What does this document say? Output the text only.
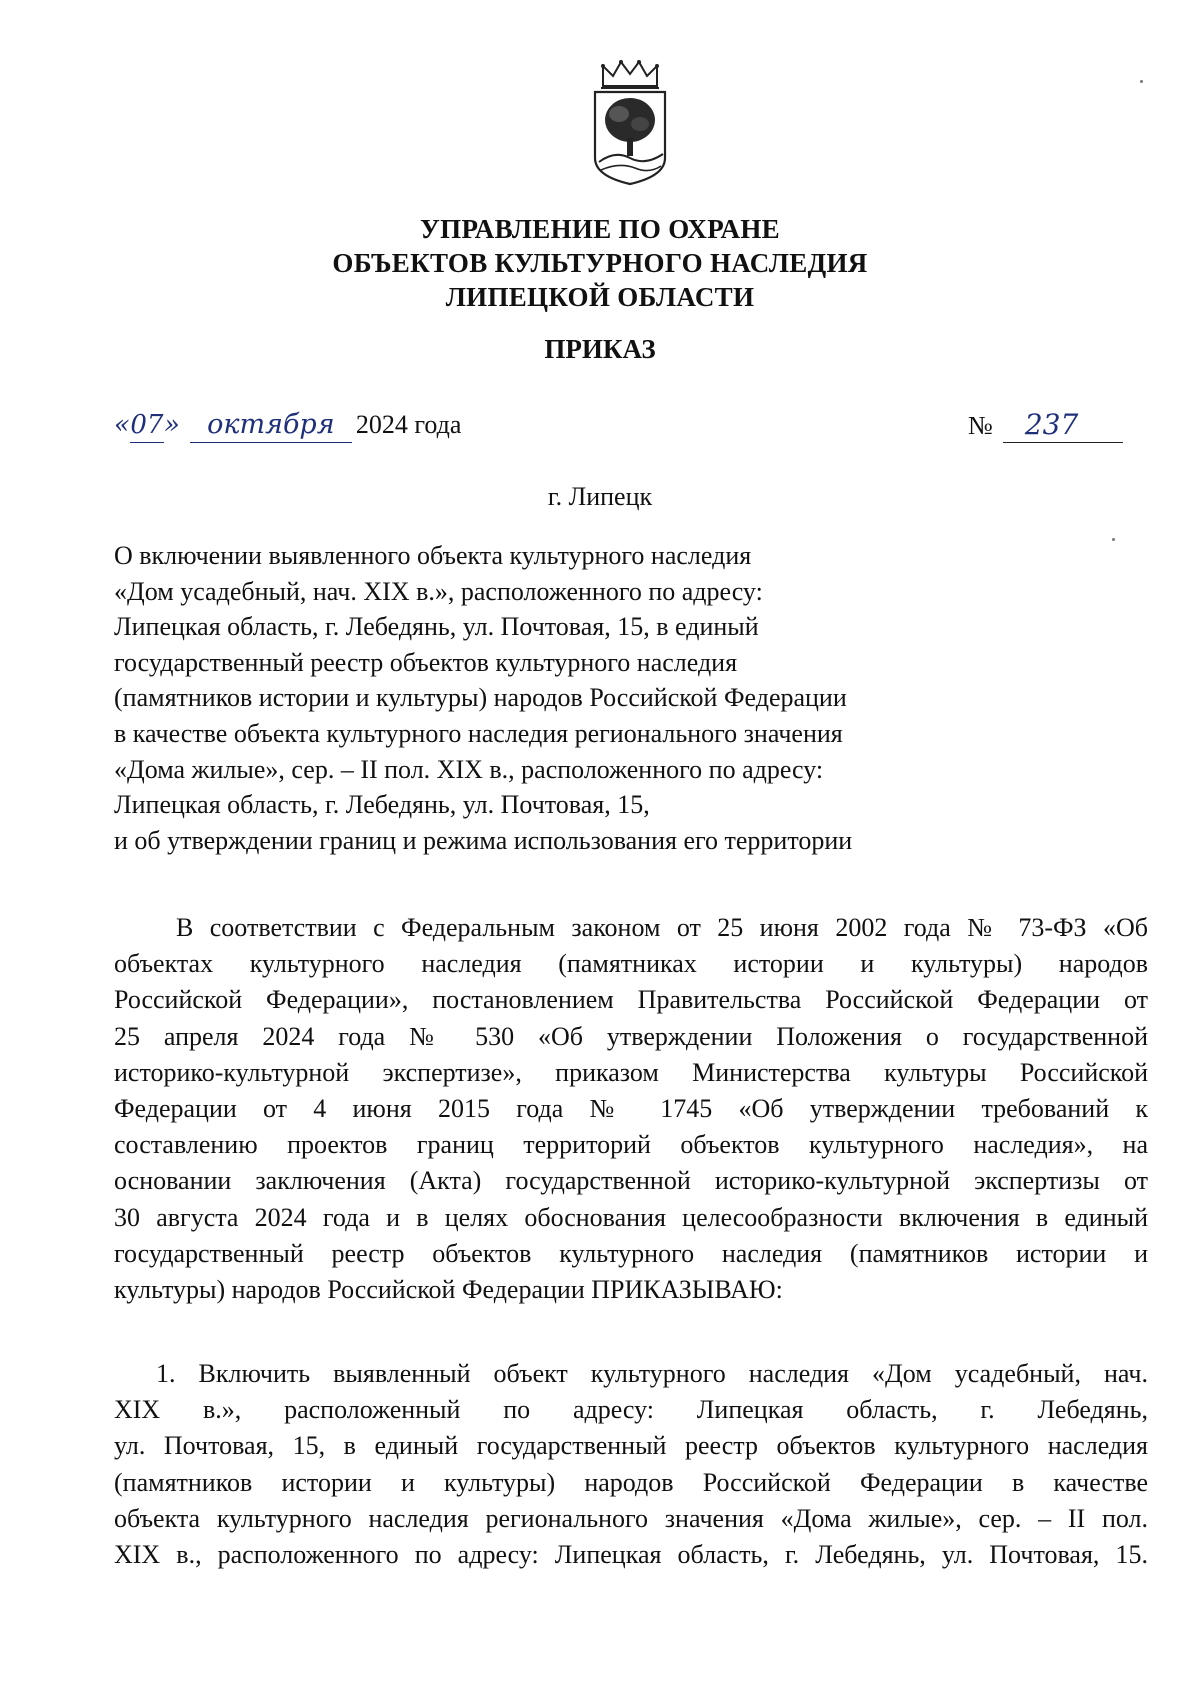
УПРАВЛЕНИЕ ПО ОХРАНЕ
ОБЪЕКТОВ КУЛЬТУРНОГО НАСЛЕДИЯ
ЛИПЕЦКОЙ ОБЛАСТИ
ПРИКАЗ
«07» октября 2024 года	№ 237
г. Липецк
О включении выявленного объекта культурного наследия
«Дом усадебный, нач. XIX в.», расположенного по адресу:
Липецкая область, г. Лебедянь, ул. Почтовая, 15, в единый
государственный реестр объектов культурного наследия
(памятников истории и культуры) народов Российской Федерации
в качестве объекта культурного наследия регионального значения
«Дома жилые», сер. – II пол. XIX в., расположенного по адресу:
Липецкая область, г. Лебедянь, ул. Почтовая, 15,
и об утверждении границ и режима использования его территории
В соответствии с Федеральным законом от 25 июня 2002 года № 73-ФЗ «Об
объектах культурного наследия (памятниках истории и культуры) народов
Российской Федерации», постановлением Правительства Российской Федерации от
25 апреля 2024 года № 530 «Об утверждении Положения о государственной
историко-культурной экспертизе», приказом Министерства культуры Российской
Федерации от 4 июня 2015 года № 1745 «Об утверждении требований к
составлению проектов границ территорий объектов культурного наследия», на
основании заключения (Акта) государственной историко-культурной экспертизы от
30 августа 2024 года и в целях обоснования целесообразности включения в единый
государственный реестр объектов культурного наследия (памятников истории и
культуры) народов Российской Федерации ПРИКАЗЫВАЮ:
1. Включить выявленный объект культурного наследия «Дом усадебный, нач.
XIX в.», расположенный по адресу: Липецкая область, г. Лебедянь,
ул. Почтовая, 15, в единый государственный реестр объектов культурного наследия
(памятников истории и культуры) народов Российской Федерации в качестве
объекта культурного наследия регионального значения «Дома жилые», сер. – II пол.
XIX в., расположенного по адресу: Липецкая область, г. Лебедянь, ул. Почтовая, 15.
